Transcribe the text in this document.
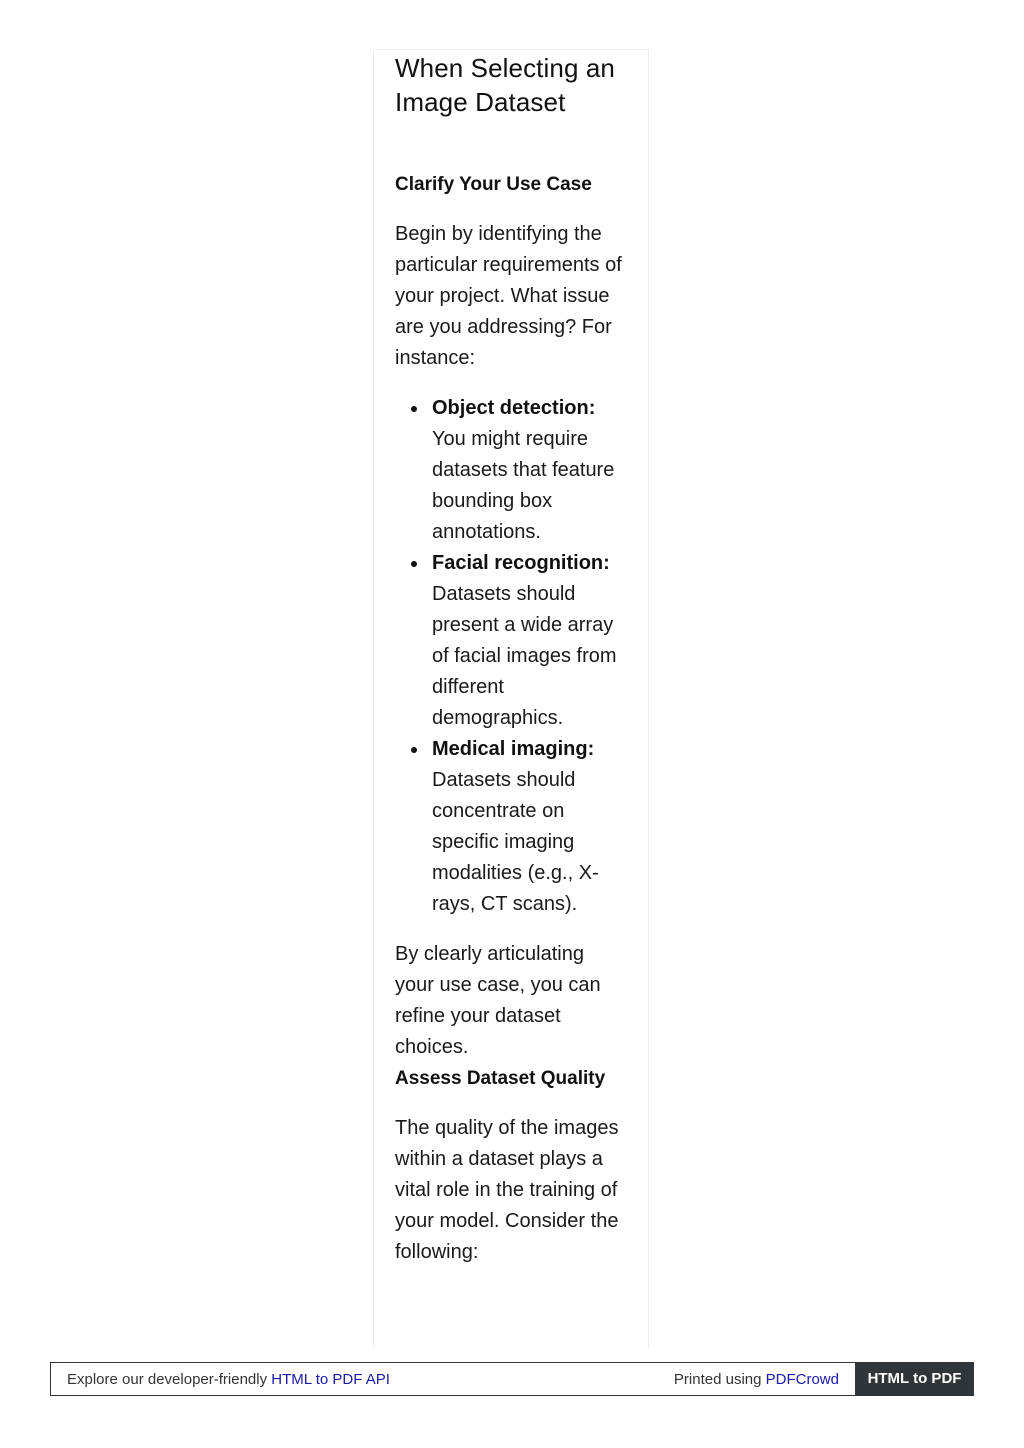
When Selecting an Image Dataset
Clarify Your Use Case

Begin by identifying the particular requirements of your project. What issue are you addressing? For instance:

Object detection: You might require datasets that feature bounding box annotations.
Facial recognition: Datasets should present a wide array of facial images from different demographics.
Medical imaging: Datasets should concentrate on specific imaging modalities (e.g., X-rays, CT scans).

By clearly articulating your use case, you can refine your dataset choices.

Assess Dataset Quality

The quality of the images within a dataset plays a vital role in the training of your model. Consider the following:

Explore our developer-friendly HTML to PDF API	Printed using PDFCrowd	HTML to PDF
